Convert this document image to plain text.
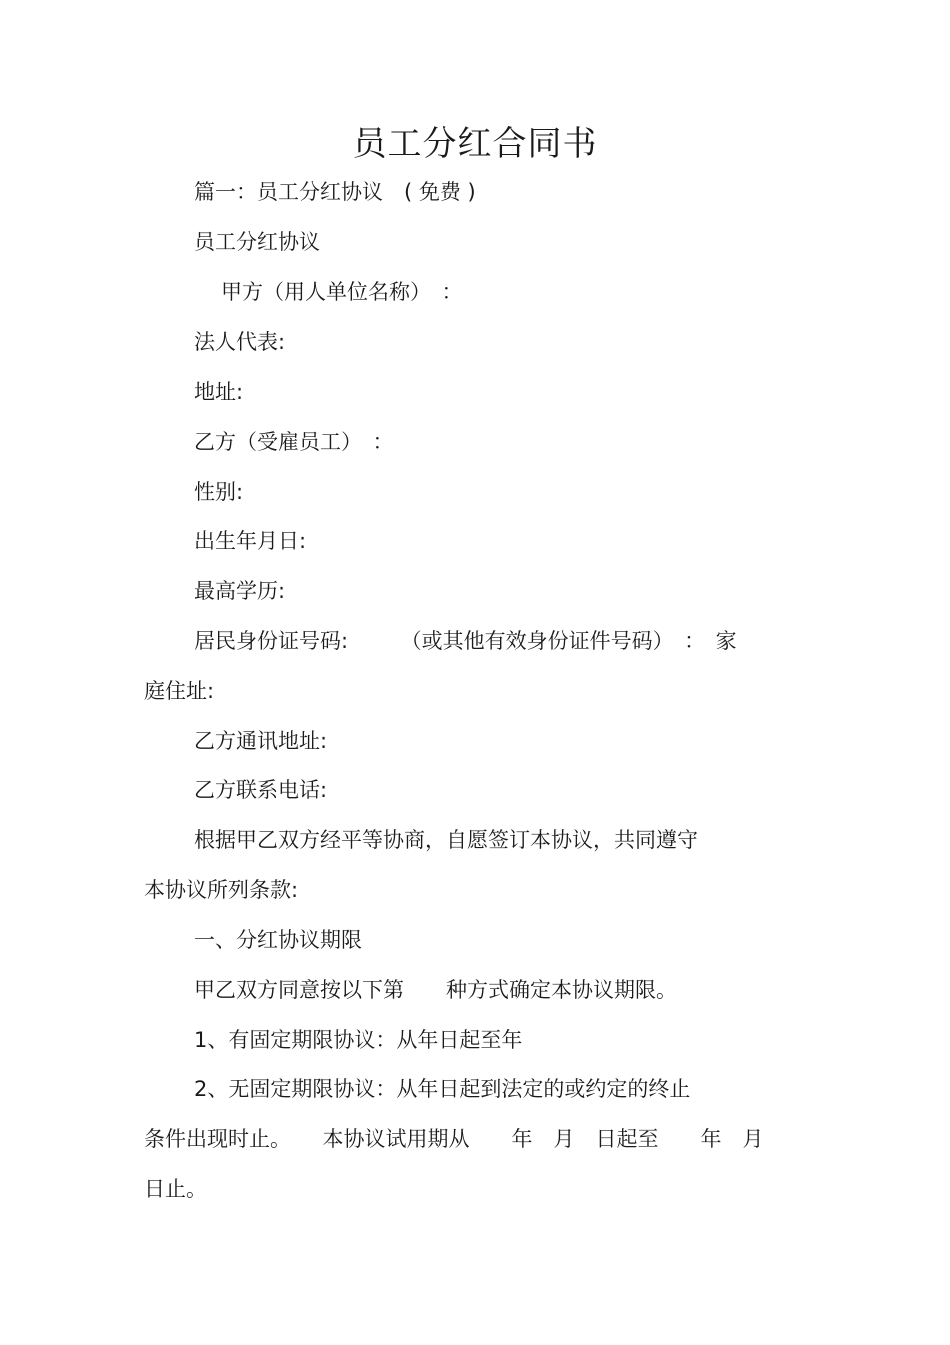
员工分红合同书
篇一：员工分红协议　( 免费 )
员工分红协议
甲方（用人单位名称）　：
法人代表:
地址:
乙方（受雇员工）　：
性别:
出生年月日:
最高学历:
居民身份证号码:　　　（或其他有效身份证件号码）　：　家
庭住址:
乙方通讯地址:
乙方联系电话:
根据甲乙双方经平等协商，自愿签订本协议，共同遵守
本协议所列条款:
一、分红协议期限
甲乙双方同意按以下第　　种方式确定本协议期限。
1、有固定期限协议：从年日起至年
2、无固定期限协议：从年日起到法定的或约定的终止
条件出现时止。　　本协议试用期从　　年　月　日起至　　年　月
日止。
